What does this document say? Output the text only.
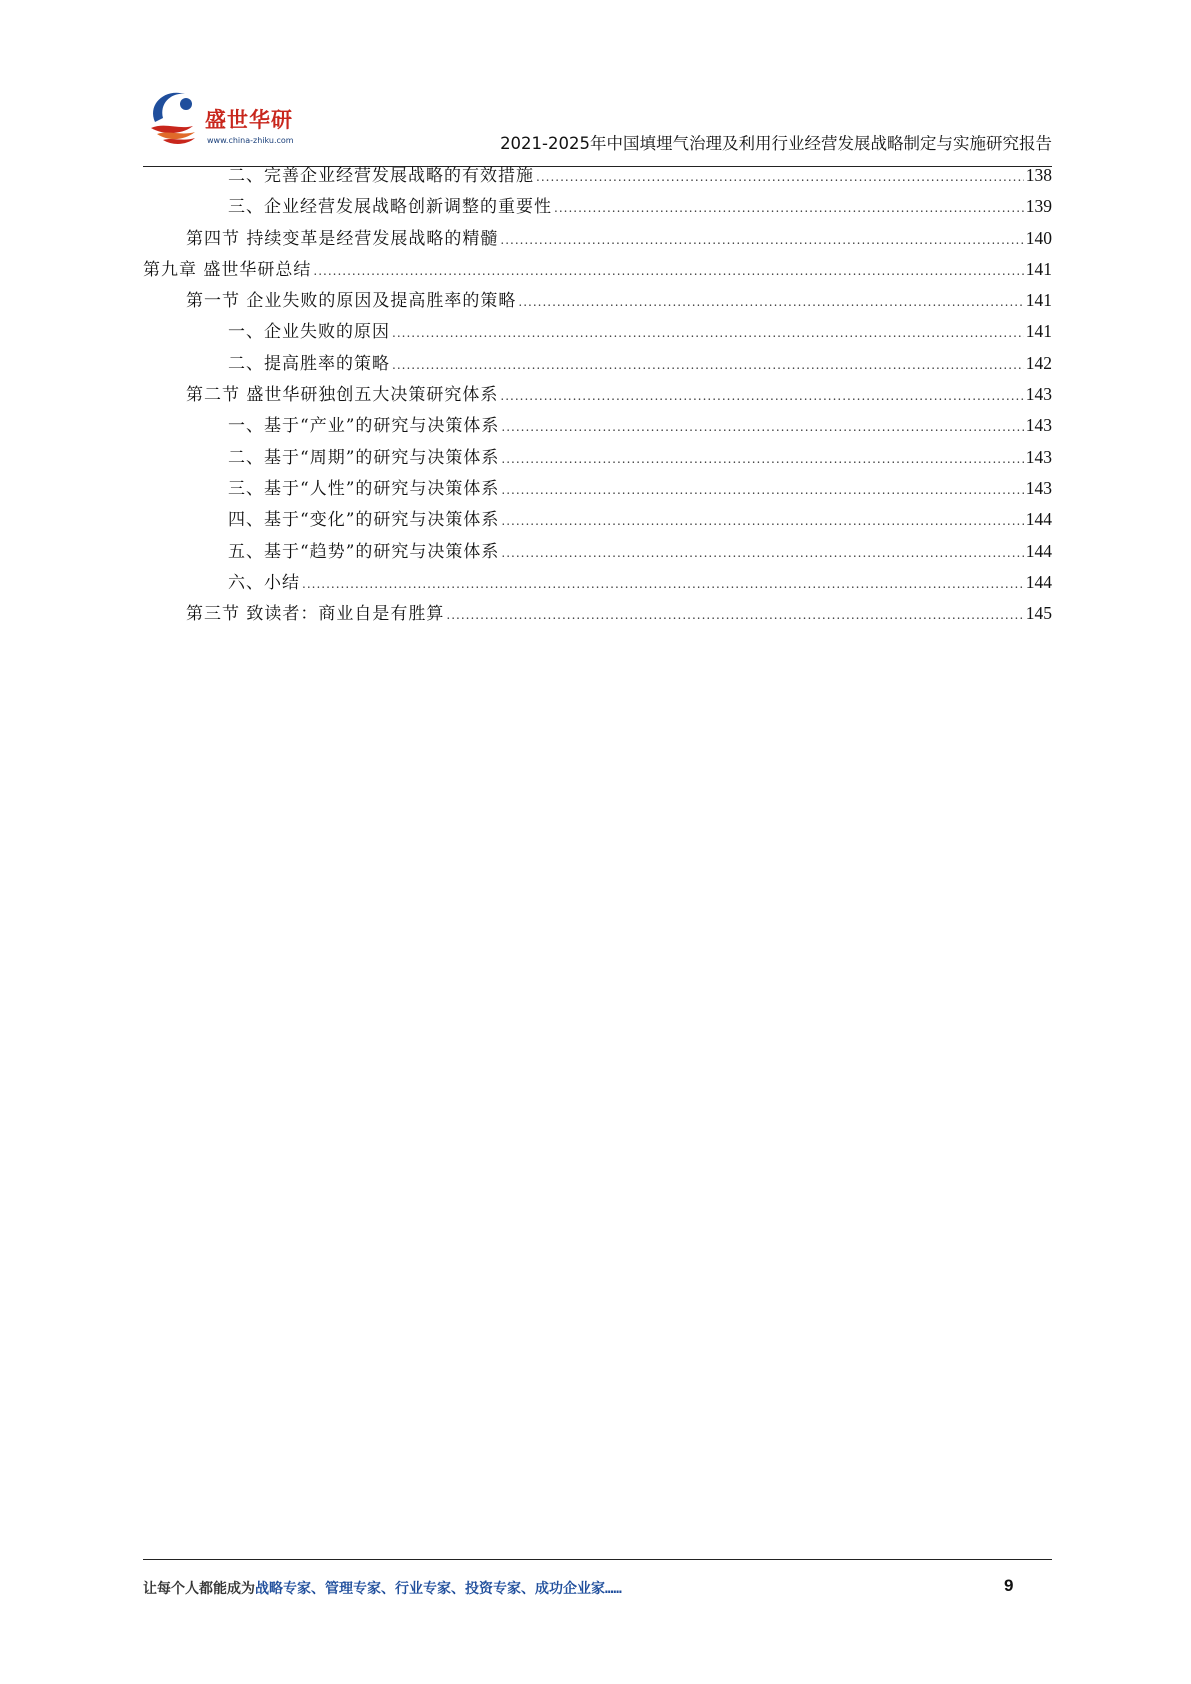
盛世华研
www.china-zhiku.com	2021-2025年中国填埋气治理及利用行业经营发展战略制定与实施研究报告
二、完善企业经营发展战略的有效措施 .....	138
三、企业经营发展战略创新调整的重要性 .....	139
第四节 持续变革是经营发展战略的精髓 .....	140
第九章 盛世华研总结 .....	141
第一节 企业失败的原因及提高胜率的策略 .....	141
一、企业失败的原因 .....	141
二、提高胜率的策略 .....	142
第二节 盛世华研独创五大决策研究体系 .....	143
一、基于“产业”的研究与决策体系 .....	143
二、基于“周期”的研究与决策体系 .....	143
三、基于“人性”的研究与决策体系 .....	143
四、基于“变化”的研究与决策体系 .....	144
五、基于“趋势”的研究与决策体系 .....	144
六、小结 .....	144
第三节 致读者：商业自是有胜算 .....	145
让每个人都能成为战略专家、管理专家、行业专家、投资专家、成功企业家……	9
